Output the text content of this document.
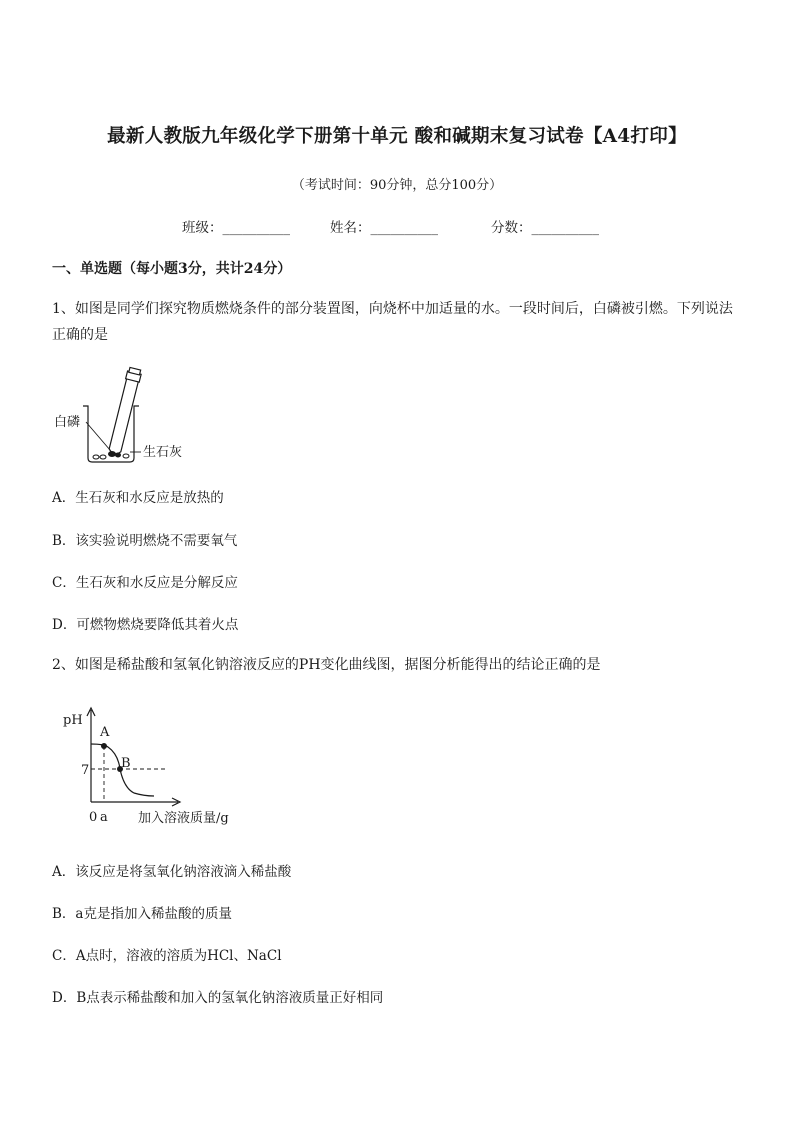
最新人教版九年级化学下册第十单元 酸和碱期末复习试卷【A4打印】
（考试时间：90分钟，总分100分）
班级：__________	姓名：__________	分数：__________
一、单选题（每小题3分，共计24分）
1、如图是同学们探究物质燃烧条件的部分装置图，向烧杯中加适量的水。一段时间后，白磷被引燃。下列说法正确的是
白磷
生石灰
A．生石灰和水反应是放热的
B．该实验说明燃烧不需要氧气
C．生石灰和水反应是分解反应
D．可燃物燃烧要降低其着火点
2、如图是稀盐酸和氢氧化钠溶液反应的PH变化曲线图，据图分析能得出的结论正确的是
pH
A
B
7
0 a 加入溶液质量/g
A．该反应是将氢氧化钠溶液滴入稀盐酸
B．a克是指加入稀盐酸的质量
C．A点时，溶液的溶质为HCl、NaCl
D．B点表示稀盐酸和加入的氢氧化钠溶液质量正好相同
